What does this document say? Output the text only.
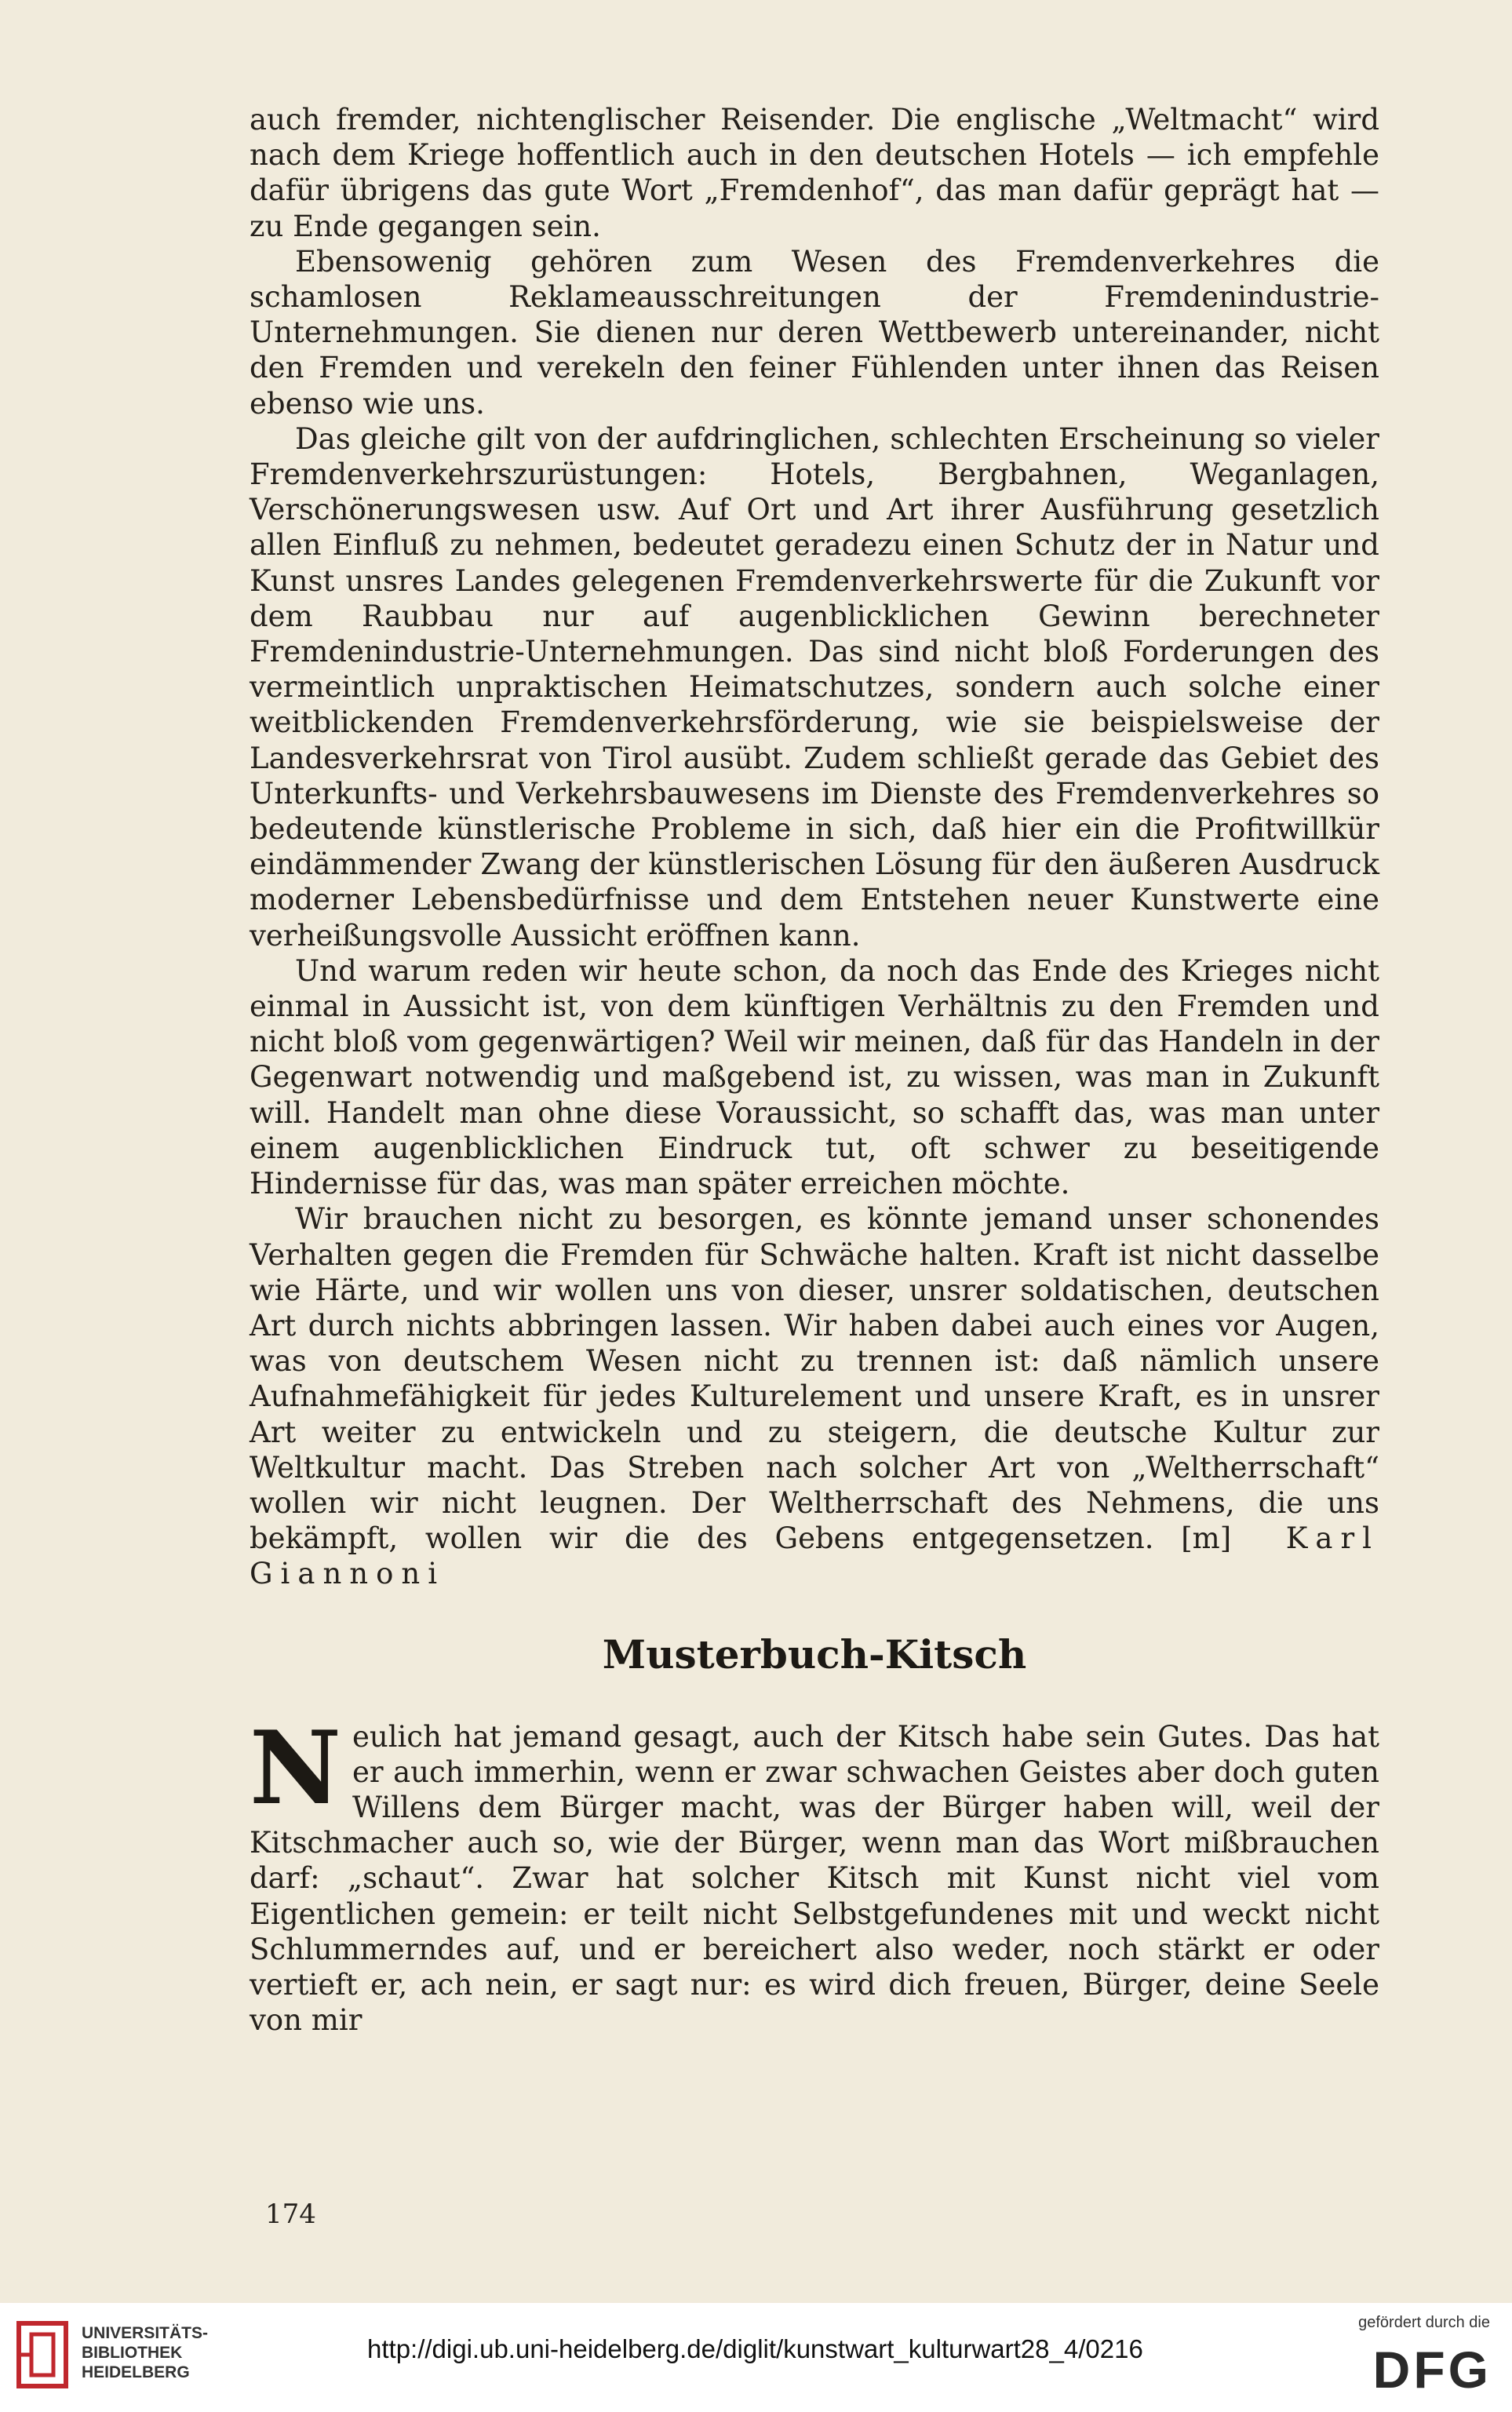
auch fremder, nichtenglischer Reisender. Die englische „Weltmacht“ wird nach dem Kriege hoffentlich auch in den deutschen Hotels — ich empfehle dafür übrigens das gute Wort „Fremdenhof“, das man dafür geprägt hat — zu Ende gegangen sein.

Ebensowenig gehören zum Wesen des Fremdenverkehres die schamlosen Reklameausschreitungen der Fremdenindustrie-Unternehmungen. Sie dienen nur deren Wettbewerb untereinander, nicht den Fremden und verekeln den feiner Fühlenden unter ihnen das Reisen ebenso wie uns.

Das gleiche gilt von der aufdringlichen, schlechten Erscheinung so vieler Fremdenverkehrszurüstungen: Hotels, Bergbahnen, Weganlagen, Verschönerungswesen usw. Auf Ort und Art ihrer Ausführung gesetzlich allen Einfluß zu nehmen, bedeutet geradezu einen Schutz der in Natur und Kunst unsres Landes gelegenen Fremdenverkehrswerte für die Zukunft vor dem Raubbau nur auf augenblicklichen Gewinn berechneter Fremdenindustrie-Unternehmungen. Das sind nicht bloß Forderungen des vermeintlich unpraktischen Heimatschutzes, sondern auch solche einer weitblickenden Fremdenverkehrsförderung, wie sie beispielsweise der Landesverkehrsrat von Tirol ausübt. Zudem schließt gerade das Gebiet des Unterkunfts- und Verkehrsbauwesens im Dienste des Fremdenverkehres so bedeutende künstlerische Probleme in sich, daß hier ein die Profitwillkür eindämmender Zwang der künstlerischen Lösung für den äußeren Ausdruck moderner Lebensbedürfnisse und dem Entstehen neuer Kunstwerte eine verheißungsvolle Aussicht eröffnen kann.

Und warum reden wir heute schon, da noch das Ende des Krieges nicht einmal in Aussicht ist, von dem künftigen Verhältnis zu den Fremden und nicht bloß vom gegenwärtigen? Weil wir meinen, daß für das Handeln in der Gegenwart notwendig und maßgebend ist, zu wissen, was man in Zukunft will. Handelt man ohne diese Voraussicht, so schafft das, was man unter einem augenblicklichen Eindruck tut, oft schwer zu beseitigende Hindernisse für das, was man später erreichen möchte.

Wir brauchen nicht zu besorgen, es könnte jemand unser schonendes Verhalten gegen die Fremden für Schwäche halten. Kraft ist nicht dasselbe wie Härte, und wir wollen uns von dieser, unsrer soldatischen, deutschen Art durch nichts abbringen lassen. Wir haben dabei auch eines vor Augen, was von deutschem Wesen nicht zu trennen ist: daß nämlich unsere Aufnahmefähigkeit für jedes Kulturelement und unsere Kraft, es in unsrer Art weiter zu entwickeln und zu steigern, die deutsche Kultur zur Weltkultur macht. Das Streben nach solcher Art von „Weltherrschaft“ wollen wir nicht leugnen. Der Weltherrschaft des Nehmens, die uns bekämpft, wollen wir die des Gebens entgegensetzen. [m] Karl Giannoni

Musterbuch-Kitsch

Neulich hat jemand gesagt, auch der Kitsch habe sein Gutes. Das hat er auch immerhin, wenn er zwar schwachen Geistes aber doch guten Willens dem Bürger macht, was der Bürger haben will, weil der Kitschmacher auch so, wie der Bürger, wenn man das Wort mißbrauchen darf: „schaut“. Zwar hat solcher Kitsch mit Kunst nicht viel vom Eigentlichen gemein: er teilt nicht Selbstgefundenes mit und weckt nicht Schlummerndes auf, und er bereichert also weder, noch stärkt er oder vertieft er, ach nein, er sagt nur: es wird dich freuen, Bürger, deine Seele von mir

174
UNIVERSITÄTS-
BIBLIOTHEK
HEIDELBERG
http://digi.ub.uni-heidelberg.de/diglit/kunstwart_kulturwart28_4/0216
gefördert durch die
DFG
